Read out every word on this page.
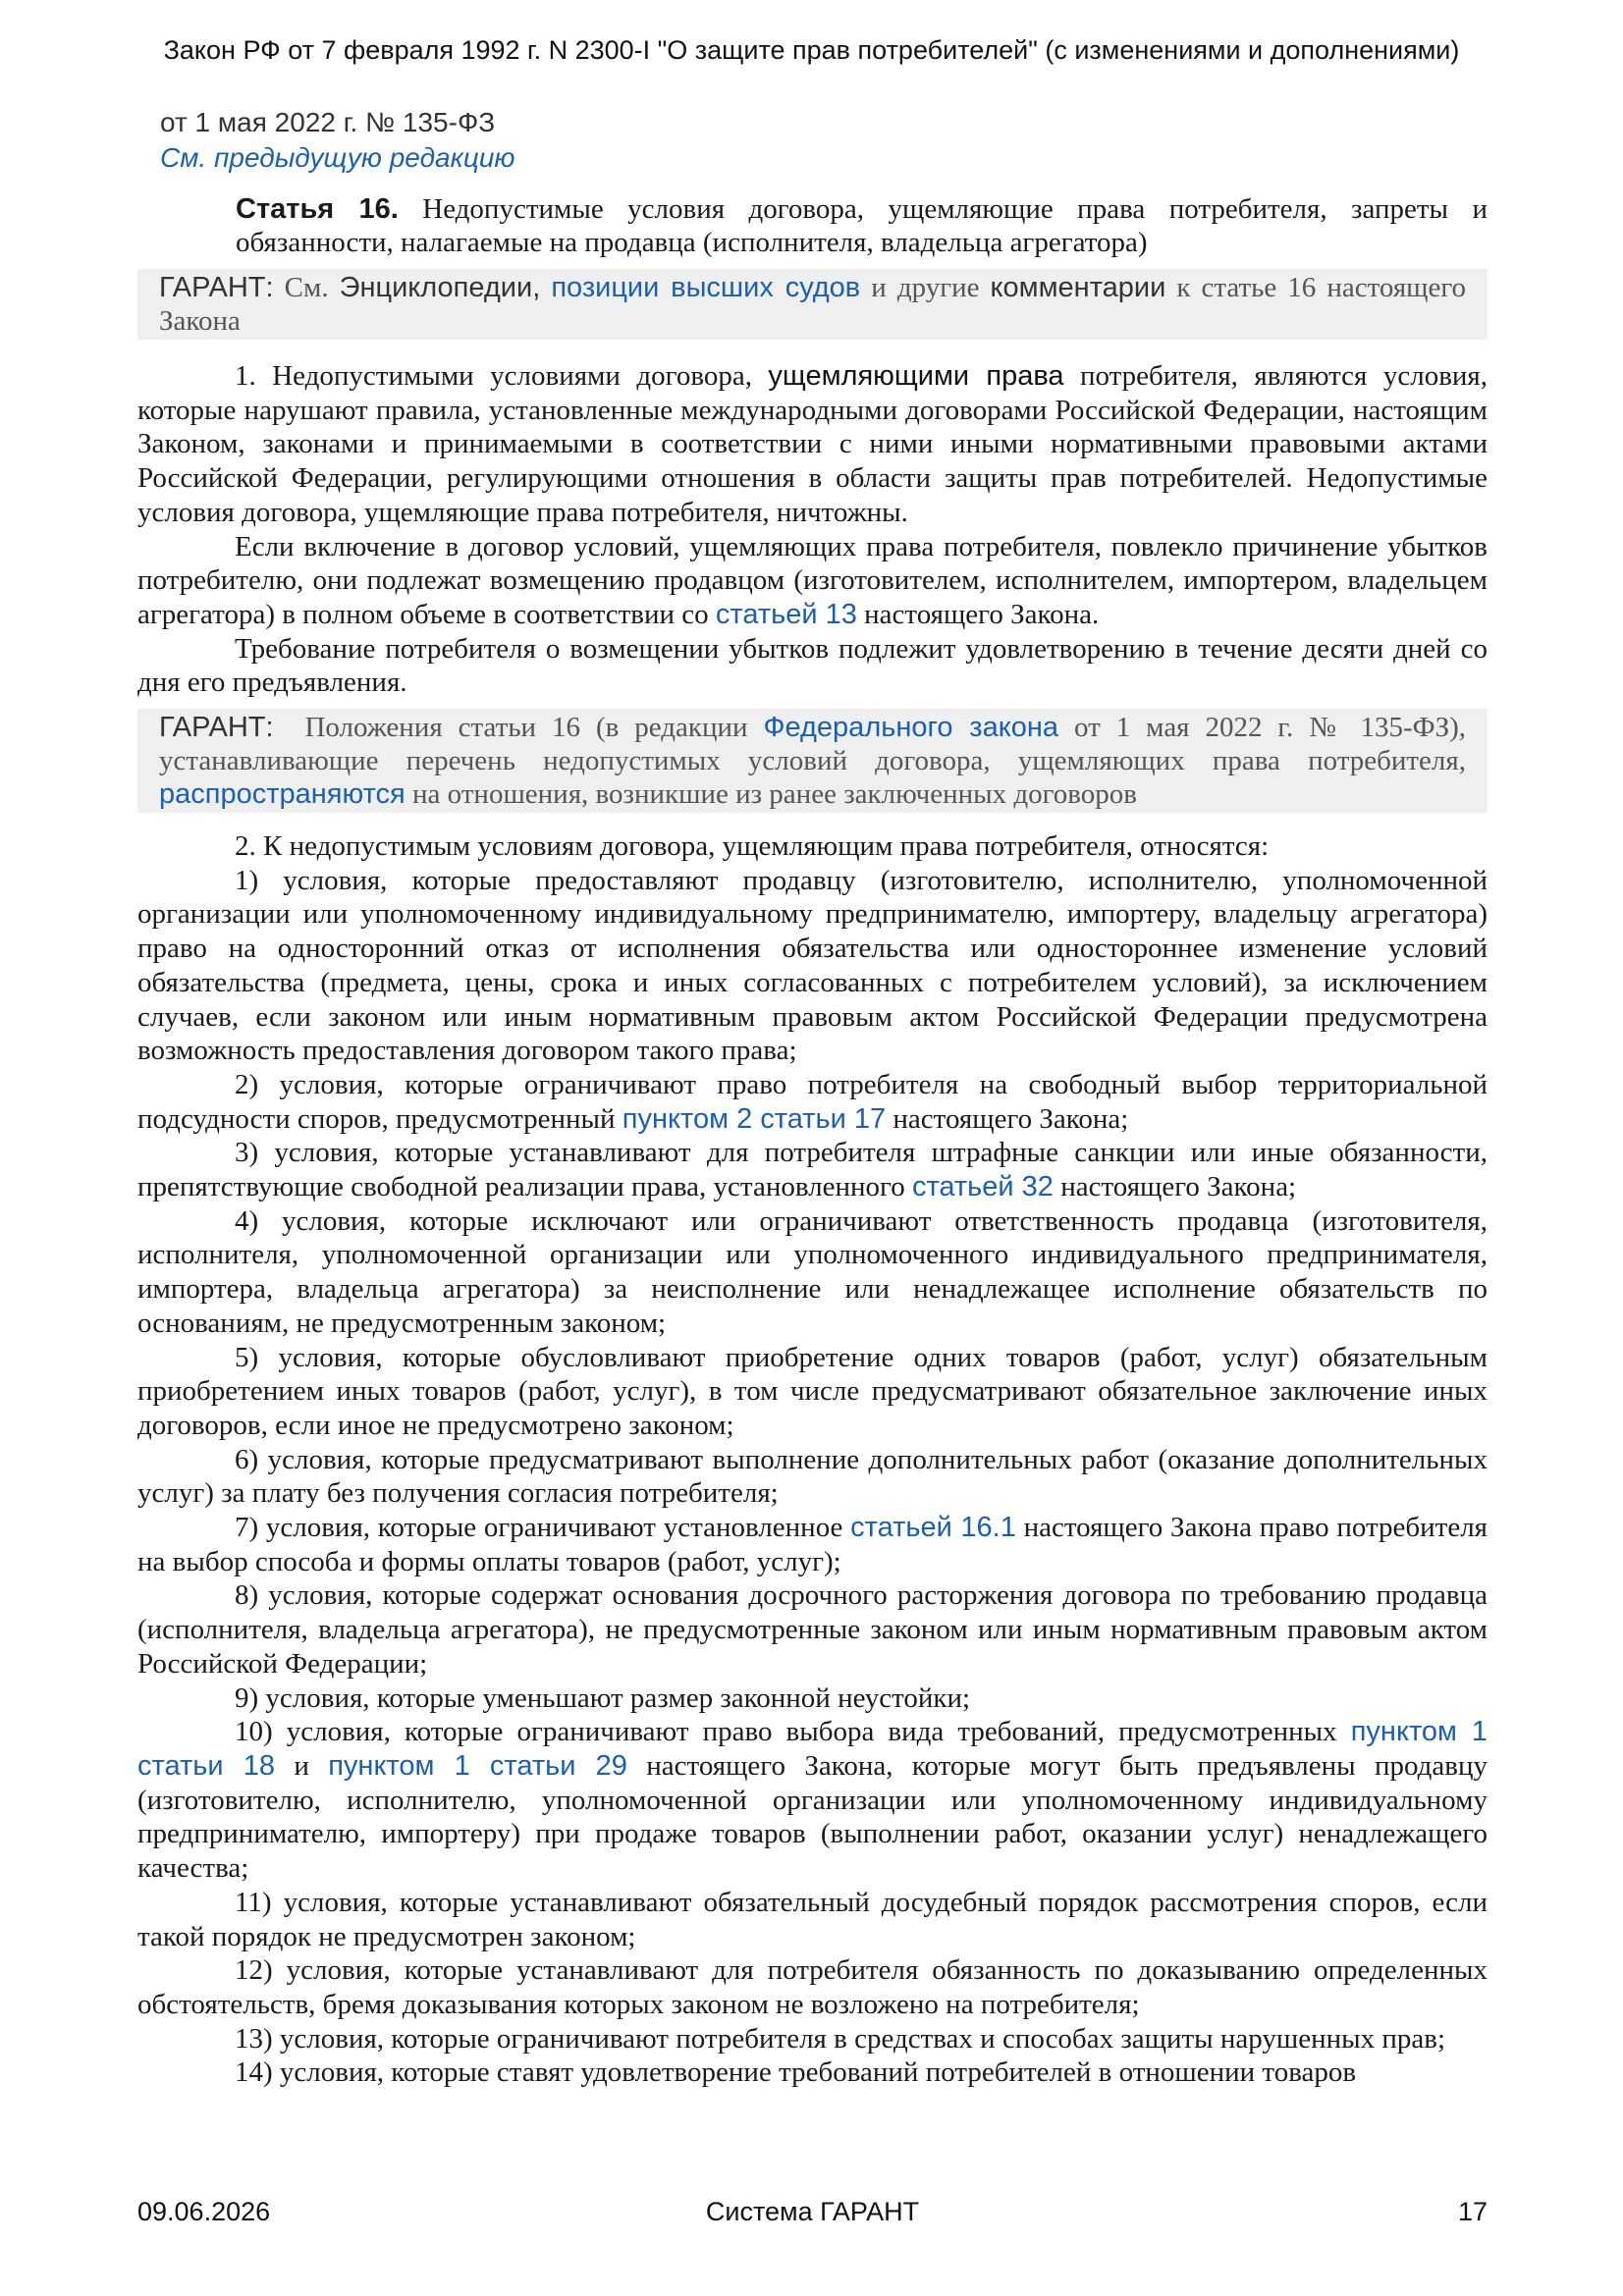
Закон РФ от 7 февраля 1992 г. N 2300-I "О защите прав потребителей" (с изменениями и дополнениями)
от 1 мая 2022 г. № 135-ФЗ
См. предыдущую редакцию
Статья 16. Недопустимые условия договора, ущемляющие права потребителя, запреты и обязанности, налагаемые на продавца (исполнителя, владельца агрегатора)
ГАРАНТ: См. Энциклопедии, позиции высших судов и другие комментарии к статье 16 настоящего Закона

1. Недопустимыми условиями договора, ущемляющими права потребителя, являются условия, которые нарушают правила, установленные международными договорами Российской Федерации, настоящим Законом, законами и принимаемыми в соответствии с ними иными нормативными правовыми актами Российской Федерации, регулирующими отношения в области защиты прав потребителей. Недопустимые условия договора, ущемляющие права потребителя, ничтожны.

Если включение в договор условий, ущемляющих права потребителя, повлекло причинение убытков потребителю, они подлежат возмещению продавцом (изготовителем, исполнителем, импортером, владельцем агрегатора) в полном объеме в соответствии со статьей 13 настоящего Закона.

Требование потребителя о возмещении убытков подлежит удовлетворению в течение десяти дней со дня его предъявления.

ГАРАНТ: Положения статьи 16 (в редакции Федерального закона от 1 мая 2022 г. № 135-ФЗ), устанавливающие перечень недопустимых условий договора, ущемляющих права потребителя, распространяются на отношения, возникшие из ранее заключенных договоров

2. К недопустимым условиям договора, ущемляющим права потребителя, относятся:

1) условия, которые предоставляют продавцу (изготовителю, исполнителю, уполномоченной организации или уполномоченному индивидуальному предпринимателю, импортеру, владельцу агрегатора) право на односторонний отказ от исполнения обязательства или одностороннее изменение условий обязательства (предмета, цены, срока и иных согласованных с потребителем условий), за исключением случаев, если законом или иным нормативным правовым актом Российской Федерации предусмотрена возможность предоставления договором такого права;

2) условия, которые ограничивают право потребителя на свободный выбор территориальной подсудности споров, предусмотренный пунктом 2 статьи 17 настоящего Закона;

3) условия, которые устанавливают для потребителя штрафные санкции или иные обязанности, препятствующие свободной реализации права, установленного статьей 32 настоящего Закона;

4) условия, которые исключают или ограничивают ответственность продавца (изготовителя, исполнителя, уполномоченной организации или уполномоченного индивидуального предпринимателя, импортера, владельца агрегатора) за неисполнение или ненадлежащее исполнение обязательств по основаниям, не предусмотренным законом;

5) условия, которые обусловливают приобретение одних товаров (работ, услуг) обязательным приобретением иных товаров (работ, услуг), в том числе предусматривают обязательное заключение иных договоров, если иное не предусмотрено законом;

6) условия, которые предусматривают выполнение дополнительных работ (оказание дополнительных услуг) за плату без получения согласия потребителя;

7) условия, которые ограничивают установленное статьей 16.1 настоящего Закона право потребителя на выбор способа и формы оплаты товаров (работ, услуг);

8) условия, которые содержат основания досрочного расторжения договора по требованию продавца (исполнителя, владельца агрегатора), не предусмотренные законом или иным нормативным правовым актом Российской Федерации;

9) условия, которые уменьшают размер законной неустойки;

10) условия, которые ограничивают право выбора вида требований, предусмотренных пунктом 1 статьи 18 и пунктом 1 статьи 29 настоящего Закона, которые могут быть предъявлены продавцу (изготовителю, исполнителю, уполномоченной организации или уполномоченному индивидуальному предпринимателю, импортеру) при продаже товаров (выполнении работ, оказании услуг) ненадлежащего качества;

11) условия, которые устанавливают обязательный досудебный порядок рассмотрения споров, если такой порядок не предусмотрен законом;

12) условия, которые устанавливают для потребителя обязанность по доказыванию определенных обстоятельств, бремя доказывания которых законом не возложено на потребителя;

13) условия, которые ограничивают потребителя в средствах и способах защиты нарушенных прав;

14) условия, которые ставят удовлетворение требований потребителей в отношении товаров

09.06.2026	Система ГАРАНТ	17
